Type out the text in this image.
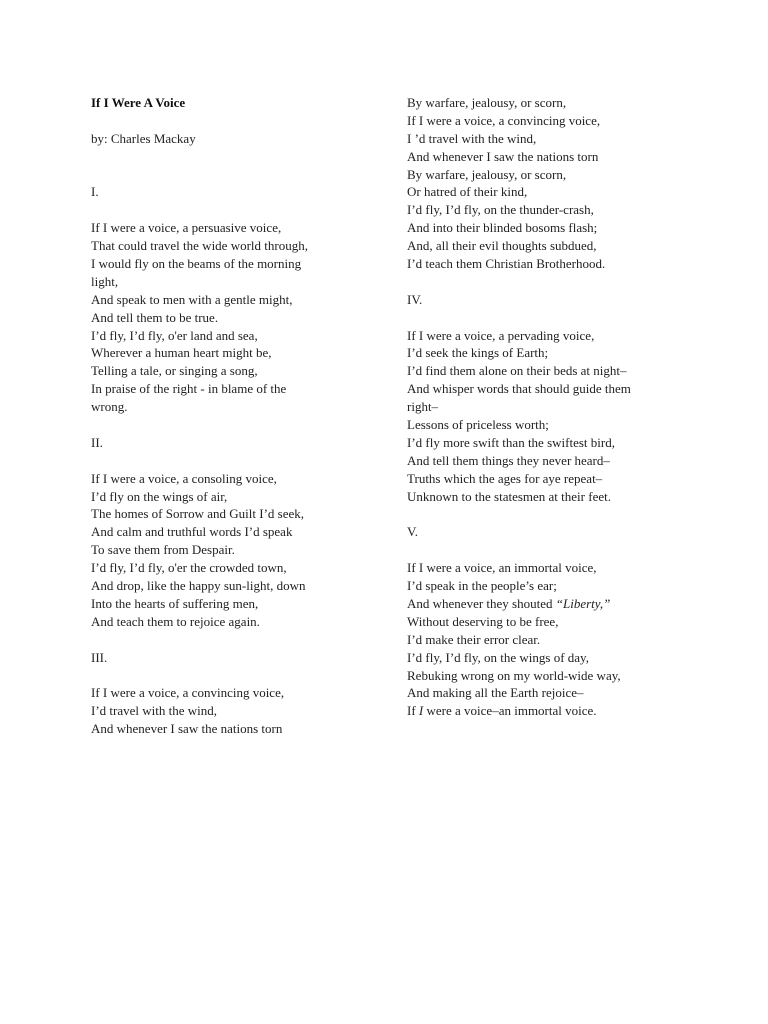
If I Were A Voice
by: Charles Mackay
I.
If I were a voice, a persuasive voice,
That could travel the wide world through,
I would fly on the beams of the morning
light,
And speak to men with a gentle might,
And tell them to be true.
I’d fly, I’d fly, o'er land and sea,
Wherever a human heart might be,
Telling a tale, or singing a song,
In praise of the right - in blame of the
wrong.
II.
If I were a voice, a consoling voice,
I’d fly on the wings of air,
The homes of Sorrow and Guilt I’d seek,
And calm and truthful words I’d speak
To save them from Despair.
I’d fly, I’d fly, o'er the crowded town,
And drop, like the happy sun-light, down
Into the hearts of suffering men,
And teach them to rejoice again.
III.
If I were a voice, a convincing voice,
I’d travel with the wind,
And whenever I saw the nations torn
By warfare, jealousy, or scorn,
If I were a voice, a convincing voice,
I ’d travel with the wind,
And whenever I saw the nations torn
By warfare, jealousy, or scorn,
Or hatred of their kind,
I’d fly, I’d fly, on the thunder-crash,
And into their blinded bosoms flash;
And, all their evil thoughts subdued,
I’d teach them Christian Brotherhood.
IV.
If I were a voice, a pervading voice,
I’d seek the kings of Earth;
I’d find them alone on their beds at night–
And whisper words that should guide them
right–
Lessons of priceless worth;
I’d fly more swift than the swiftest bird,
And tell them things they never heard–
Truths which the ages for aye repeat–
Unknown to the statesmen at their feet.
V.
If I were a voice, an immortal voice,
I’d speak in the people’s ear;
And whenever they shouted “Liberty,”
Without deserving to be free,
I’d make their error clear.
I’d fly, I’d fly, on the wings of day,
Rebuking wrong on my world-wide way,
And making all the Earth rejoice–
If I were a voice–an immortal voice.
